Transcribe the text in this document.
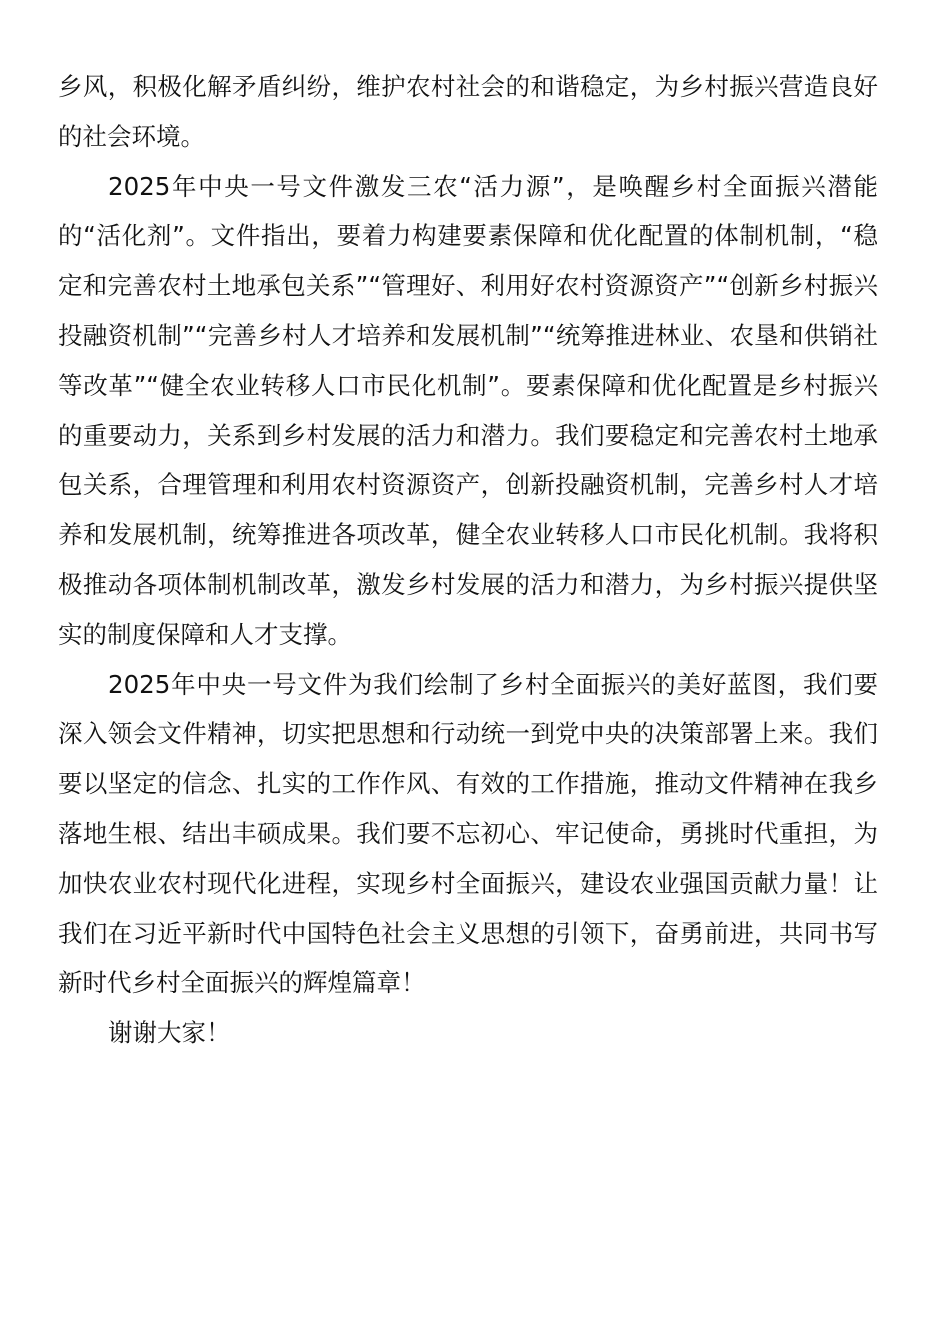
乡风，积极化解矛盾纠纷，维护农村社会的和谐稳定，为乡村振兴营造良好的社会环境。

2025年中央一号文件激发三农“活力源”，是唤醒乡村全面振兴潜能的“活化剂”。文件指出，要着力构建要素保障和优化配置的体制机制，“稳定和完善农村土地承包关系”“管理好、利用好农村资源资产”“创新乡村振兴投融资机制”“完善乡村人才培养和发展机制”“统筹推进林业、农垦和供销社等改革”“健全农业转移人口市民化机制”。要素保障和优化配置是乡村振兴的重要动力，关系到乡村发展的活力和潜力。我们要稳定和完善农村土地承包关系，合理管理和利用农村资源资产，创新投融资机制，完善乡村人才培养和发展机制，统筹推进各项改革，健全农业转移人口市民化机制。我将积极推动各项体制机制改革，激发乡村发展的活力和潜力，为乡村振兴提供坚实的制度保障和人才支撑。

2025年中央一号文件为我们绘制了乡村全面振兴的美好蓝图，我们要深入领会文件精神，切实把思想和行动统一到党中央的决策部署上来。我们要以坚定的信念、扎实的工作作风、有效的工作措施，推动文件精神在我乡落地生根、结出丰硕成果。我们要不忘初心、牢记使命，勇挑时代重担，为加快农业农村现代化进程，实现乡村全面振兴，建设农业强国贡献力量！让我们在习近平新时代中国特色社会主义思想的引领下，奋勇前进，共同书写新时代乡村全面振兴的辉煌篇章！

谢谢大家！
